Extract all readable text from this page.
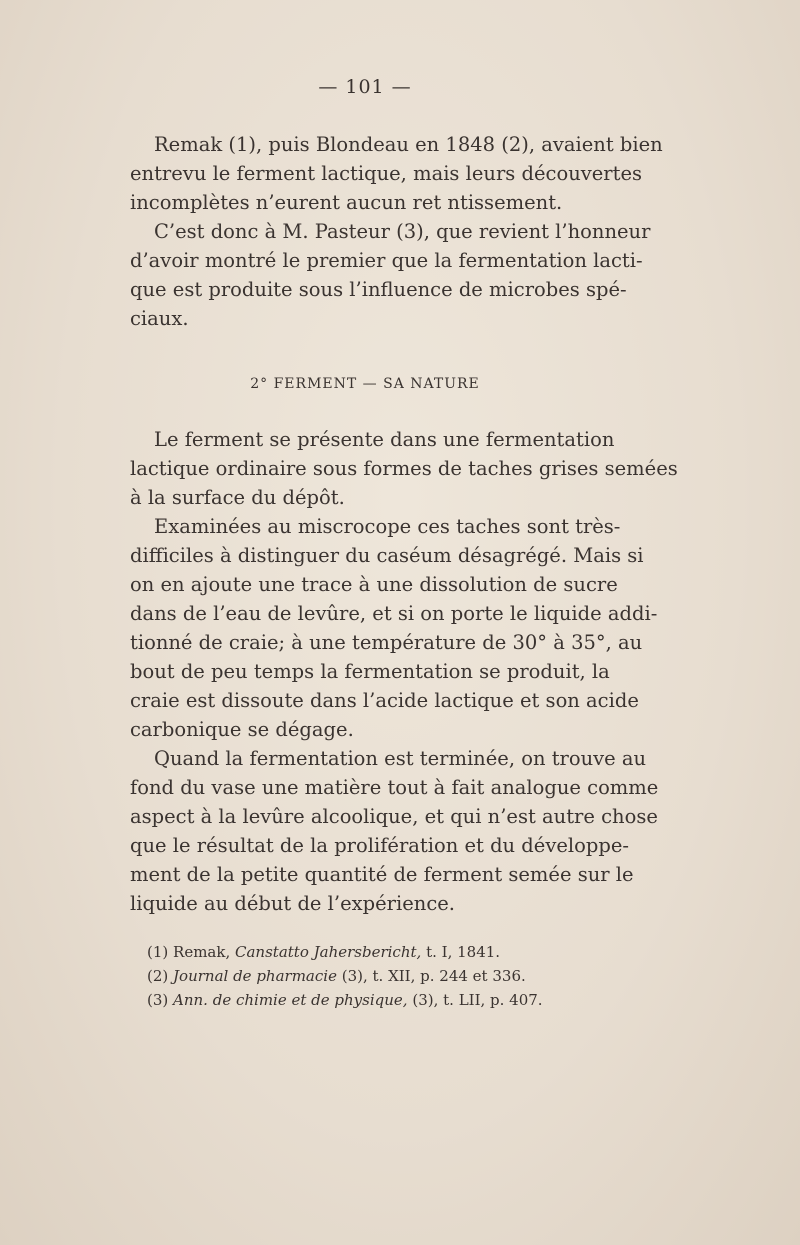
— 101 —
Remak (1), puis Blondeau en 1848 (2), avaient bien
entrevu le ferment lactique, mais leurs découvertes
incomplètes n’eurent aucun ret ntissement.
C’est donc à M. Pasteur (3), que revient l’honneur
d’avoir montré le premier que la fermentation lacti-
que est produite sous l’influence de microbes spé-
ciaux.
2° FERMENT — SA NATURE
Le ferment se présente dans une fermentation
lactique ordinaire sous formes de taches grises semées
à la surface du dépôt.
Examinées au miscrocope ces taches sont très-
difficiles à distinguer du caséum désagrégé. Mais si
on en ajoute une trace à une dissolution de sucre
dans de l’eau de levûre, et si on porte le liquide addi-
tionné de craie; à une température de 30° à 35°, au
bout de peu temps la fermentation se produit, la
craie est dissoute dans l’acide lactique et son acide
carbonique se dégage.
Quand la fermentation est terminée, on trouve au
fond du vase une matière tout à fait analogue comme
aspect à la levûre alcoolique, et qui n’est autre chose
que le résultat de la prolifération et du développe-
ment de la petite quantité de ferment semée sur le
liquide au début de l’expérience.
(1) Remak, Canstatto Jahersbericht, t. I, 1841.
(2) Journal de pharmacie (3), t. XII, p. 244 et 336.
(3) Ann. de chimie et de physique, (3), t. LII, p. 407.
